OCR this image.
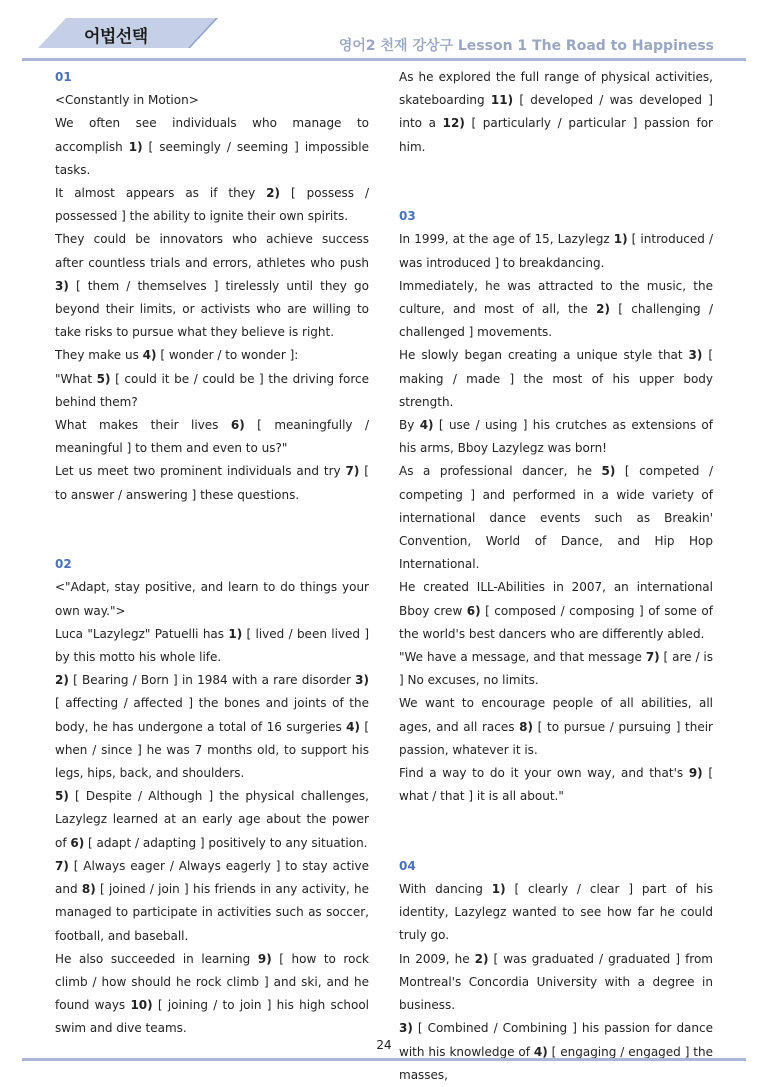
어법선택	영어2 천재 강상구 Lesson 1 The Road to Happiness

01

<Constantly in Motion>

We often see individuals who manage to accomplish 1) [ seemingly / seeming ] impossible tasks.

It almost appears as if they 2) [ possess / possessed ] the ability to ignite their own spirits.

They could be innovators who achieve success after countless trials and errors, athletes who push 3) [ them / themselves ] tirelessly until they go beyond their limits, or activists who are willing to take risks to pursue what they believe is right.

They make us 4) [ wonder / to wonder ]:

"What 5) [ could it be / could be ] the driving force behind them?

What makes their lives 6) [ meaningfully / meaningful ] to them and even to us?"

Let us meet two prominent individuals and try 7) [ to answer / answering ] these questions.

02

<"Adapt, stay positive, and learn to do things your own way.">

Luca "Lazylegz" Patuelli has 1) [ lived / been lived ] by this motto his whole life.

2) [ Bearing / Born ] in 1984 with a rare disorder 3) [ affecting / affected ] the bones and joints of the body, he has undergone a total of 16 surgeries 4) [ when / since ] he was 7 months old, to support his legs, hips, back, and shoulders.

5) [ Despite / Although ] the physical challenges, Lazylegz learned at an early age about the power of 6) [ adapt / adapting ] positively to any situation.

7) [ Always eager / Always eagerly ] to stay active and 8) [ joined / join ] his friends in any activity, he managed to participate in activities such as soccer, football, and baseball.

He also succeeded in learning 9) [ how to rock climb / how should he rock climb ] and ski, and he found ways 10) [ joining / to join ] his high school swim and dive teams.

As he explored the full range of physical activities, skateboarding 11) [ developed / was developed ] into a 12) [ particularly / particular ] passion for him.

03

In 1999, at the age of 15, Lazylegz 1) [ introduced / was introduced ] to breakdancing.

Immediately, he was attracted to the music, the culture, and most of all, the 2) [ challenging / challenged ] movements.

He slowly began creating a unique style that 3) [ making / made ] the most of his upper body strength.

By 4) [ use / using ] his crutches as extensions of his arms, Bboy Lazylegz was born!

As a professional dancer, he 5) [ competed / competing ] and performed in a wide variety of international dance events such as Breakin' Convention, World of Dance, and Hip Hop International.

He created ILL-Abilities in 2007, an international Bboy crew 6) [ composed / composing ] of some of the world's best dancers who are differently abled.

"We have a message, and that message 7) [ are / is ] No excuses, no limits.

We want to encourage people of all abilities, all ages, and all races 8) [ to pursue / pursuing ] their passion, whatever it is.

Find a way to do it your own way, and that's 9) [ what / that ] it is all about."

04

With dancing 1) [ clearly / clear ] part of his identity, Lazylegz wanted to see how far he could truly go.

In 2009, he 2) [ was graduated / graduated ] from Montreal's Concordia University with a degree in business.

3) [ Combined / Combining ] his passion for dance with his knowledge of 4) [ engaging / engaged ] the masses,

24
